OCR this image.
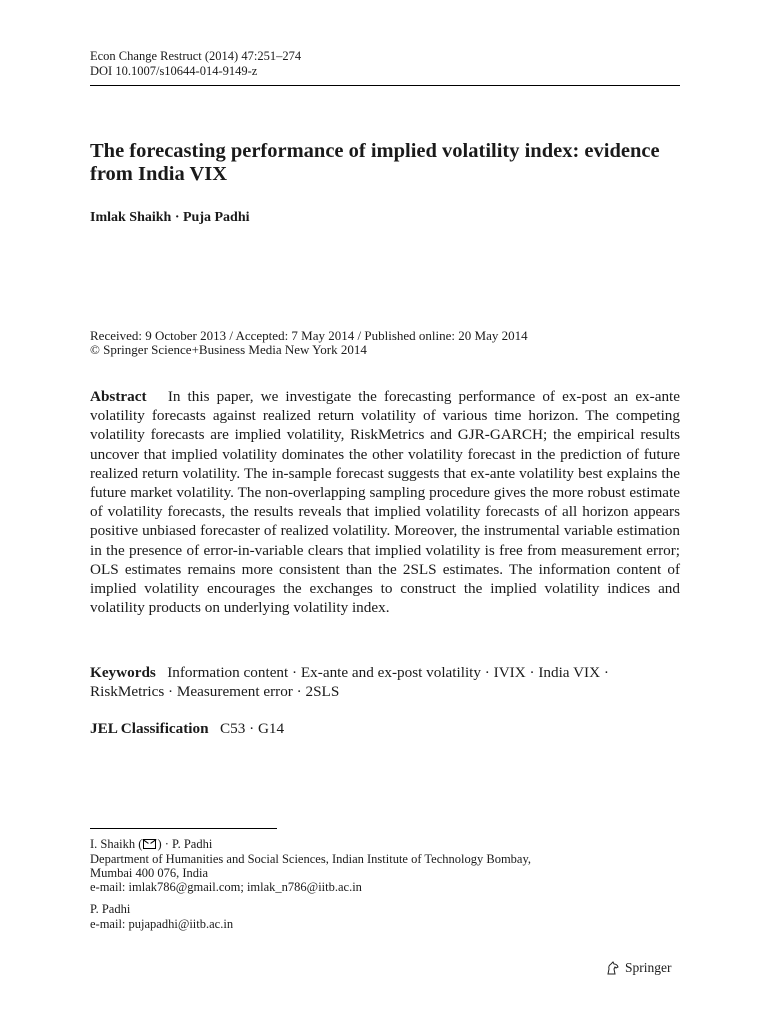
Econ Change Restruct (2014) 47:251–274
DOI 10.1007/s10644-014-9149-z
The forecasting performance of implied volatility index: evidence from India VIX
Imlak Shaikh · Puja Padhi
Received: 9 October 2013 / Accepted: 7 May 2014 / Published online: 20 May 2014
© Springer Science+Business Media New York 2014
Abstract In this paper, we investigate the forecasting performance of ex-post an ex-ante volatility forecasts against realized return volatility of various time horizon. The competing volatility forecasts are implied volatility, RiskMetrics and GJR-GARCH; the empirical results uncover that implied volatility dominates the other volatility forecast in the prediction of future realized return volatility. The in-sample forecast suggests that ex-ante volatility best explains the future market volatility. The non-overlapping sampling procedure gives the more robust estimate of volatility forecasts, the results reveals that implied volatility forecasts of all horizon appears positive unbiased forecaster of realized volatility. Moreover, the instrumental variable estimation in the presence of error-in-variable clears that implied volatility is free from measurement error; OLS estimates remains more consistent than the 2SLS estimates. The information content of implied volatility encourages the exchanges to construct the implied volatility indices and volatility products on underlying volatility index.
Keywords Information content · Ex-ante and ex-post volatility · IVIX · India VIX · RiskMetrics · Measurement error · 2SLS
JEL Classification C53 · G14
I. Shaikh ( ) · P. Padhi
Department of Humanities and Social Sciences, Indian Institute of Technology Bombay,
Mumbai 400 076, India
e-mail: imlak786@gmail.com; imlak_n786@iitb.ac.in
P. Padhi
e-mail: pujapadhi@iitb.ac.in
Springer
